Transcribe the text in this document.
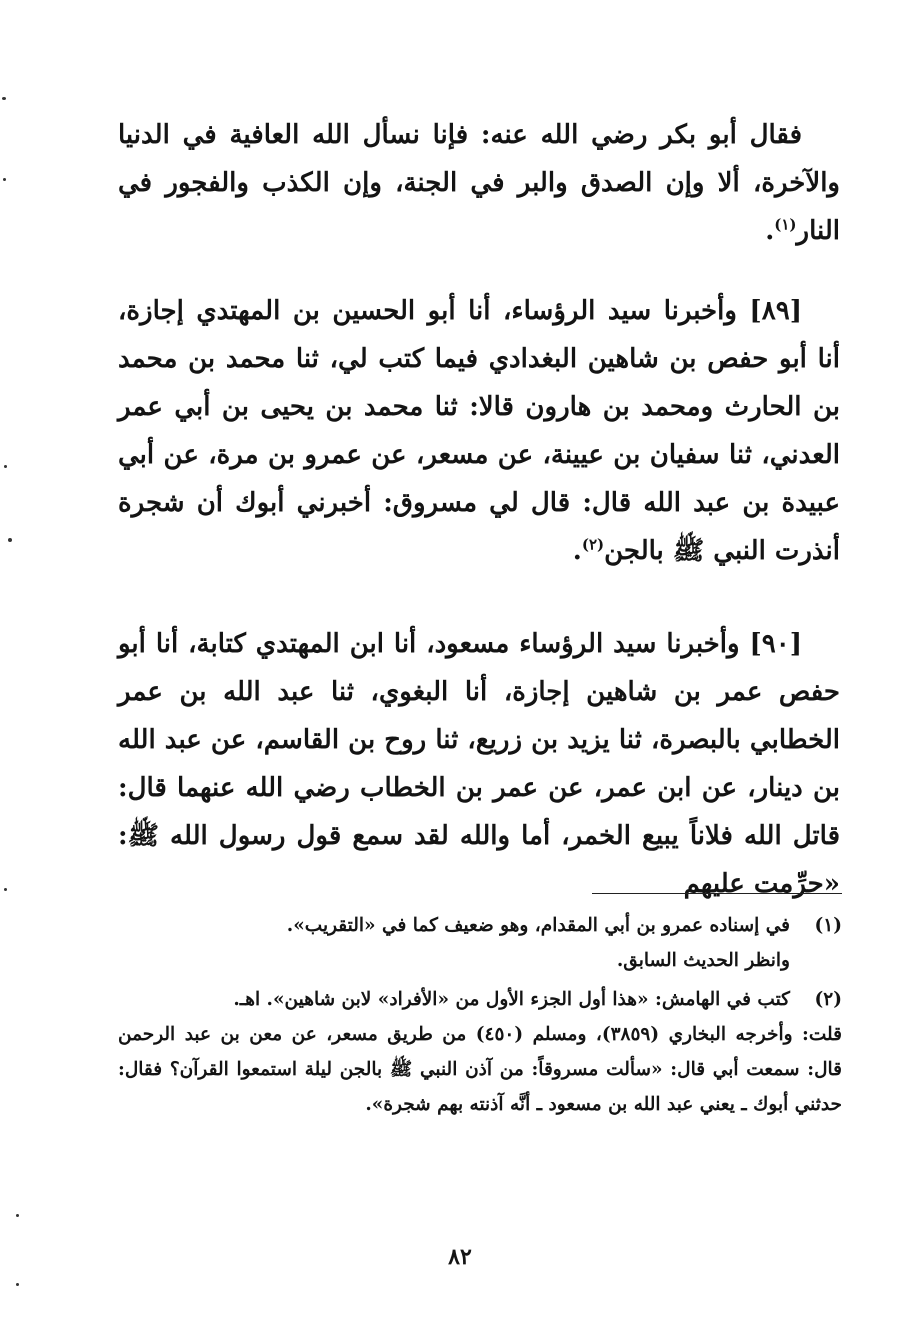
فقال أبو بكر رضي الله عنه: فإنا نسأل الله العافية في الدنيا والآخرة، ألا وإن الصدق والبر في الجنة، وإن الكذب والفجور في النار$^{(١)}$.
[٨٩] وأخبرنا سيد الرؤساء، أنا أبو الحسين بن المهتدي إجازة، أنا أبو حفص بن شاهين البغدادي فيما كتب لي، ثنا محمد بن محمد بن الحارث ومحمد بن هارون قالا: ثنا محمد بن يحيى بن أبي عمر العدني، ثنا سفيان بن عيينة، عن مسعر، عن عمرو بن مرة، عن أبي عبيدة بن عبد الله قال: قال لي مسروق: أخبرني أبوك أن شجرة أنذرت النبي ﷺ بالجن$^{(٢)}$.
[٩٠] وأخبرنا سيد الرؤساء مسعود، أنا ابن المهتدي كتابة، أنا أبو حفص عمر بن شاهين إجازة، أنا البغوي، ثنا عبد الله بن عمر الخطابي بالبصرة، ثنا يزيد بن زريع، ثنا روح بن القاسم، عن عبد الله بن دينار، عن ابن عمر، عن عمر بن الخطاب رضي الله عنهما قال: قاتل الله فلاناً يبيع الخمر، أما والله لقد سمع قول رسول الله ﷺ: «حرِّمت عليهم
(١)
في إسناده عمرو بن أبي المقدام، وهو ضعيف كما في «التقريب».
وانظر الحديث السابق.
(٢)
كتب في الهامش: «هذا أول الجزء الأول من «الأفراد» لابن شاهين». اهـ.
قلت: وأخرجه البخاري (٣٨٥٩)، ومسلم (٤٥٠) من طريق مسعر، عن معن بن عبد الرحمن قال: سمعت أبي قال: «سألت مسروقاً: من آذن النبي ﷺ بالجن ليلة استمعوا القرآن؟ فقال: حدثني أبوك ـ يعني عبد الله بن مسعود ـ أنَّه آذنته بهم شجرة».
٨٢
